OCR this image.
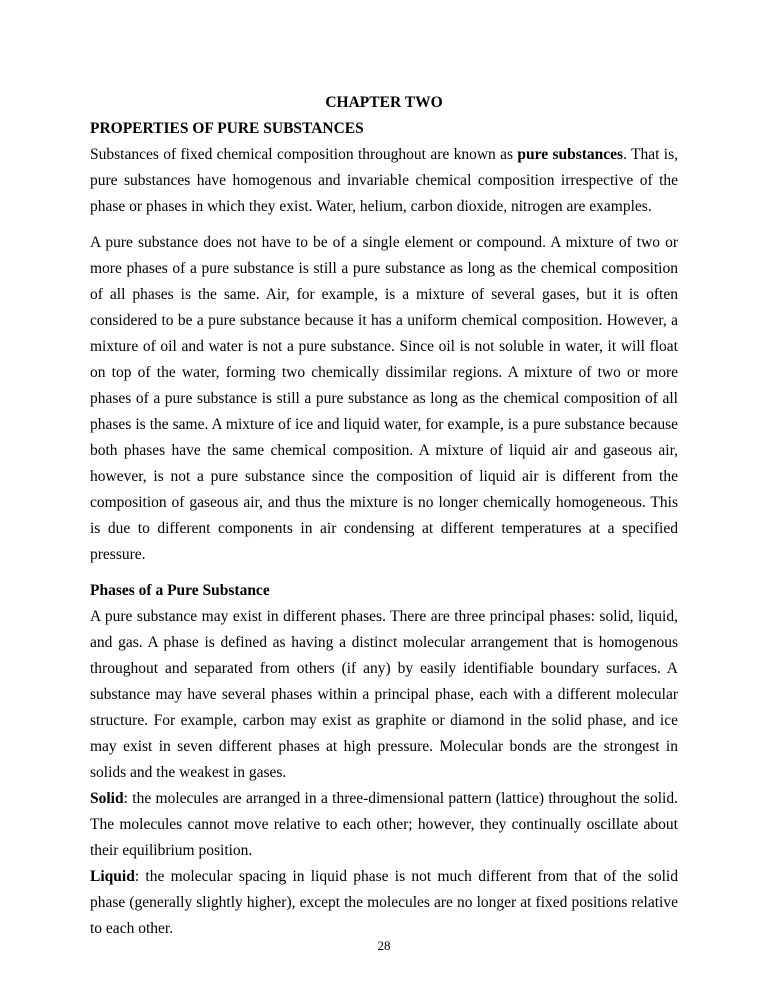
CHAPTER TWO
PROPERTIES OF PURE SUBSTANCES

Substances of fixed chemical composition throughout are known as pure substances. That is, pure substances have homogenous and invariable chemical composition irrespective of the phase or phases in which they exist. Water, helium, carbon dioxide, nitrogen are examples.

A pure substance does not have to be of a single element or compound. A mixture of two or more phases of a pure substance is still a pure substance as long as the chemical composition of all phases is the same. Air, for example, is a mixture of several gases, but it is often considered to be a pure substance because it has a uniform chemical composition. However, a mixture of oil and water is not a pure substance. Since oil is not soluble in water, it will float on top of the water, forming two chemically dissimilar regions. A mixture of two or more phases of a pure substance is still a pure substance as long as the chemical composition of all phases is the same. A mixture of ice and liquid water, for example, is a pure substance because both phases have the same chemical composition. A mixture of liquid air and gaseous air, however, is not a pure substance since the composition of liquid air is different from the composition of gaseous air, and thus the mixture is no longer chemically homogeneous. This is due to different components in air condensing at different temperatures at a specified pressure.

Phases of a Pure Substance

A pure substance may exist in different phases. There are three principal phases: solid, liquid, and gas. A phase is defined as having a distinct molecular arrangement that is homogenous throughout and separated from others (if any) by easily identifiable boundary surfaces. A substance may have several phases within a principal phase, each with a different molecular structure. For example, carbon may exist as graphite or diamond in the solid phase, and ice may exist in seven different phases at high pressure. Molecular bonds are the strongest in solids and the weakest in gases.

Solid: the molecules are arranged in a three-dimensional pattern (lattice) throughout the solid. The molecules cannot move relative to each other; however, they continually oscillate about their equilibrium position.

Liquid: the molecular spacing in liquid phase is not much different from that of the solid phase (generally slightly higher), except the molecules are no longer at fixed positions relative to each other.

28
